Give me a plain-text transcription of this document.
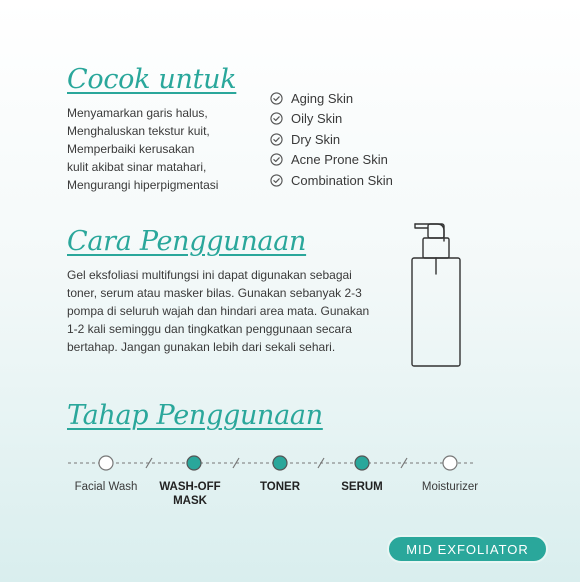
Cocok untuk
Menyamarkan garis halus,
Menghaluskan tekstur kuit,
Memperbaiki kerusakan
kulit akibat sinar matahari,
Mengurangi hiperpigmentasi
Aging Skin
Oily Skin
Dry Skin
Acne Prone Skin
Combination Skin
Cara Penggunaan
Gel eksfoliasi multifungsi ini dapat digunakan sebagai
toner, serum atau masker bilas. Gunakan sebanyak 2-3
pompa di seluruh wajah dan hindari area mata. Gunakan
1-2 kali seminggu dan tingkatkan penggunaan secara
bertahap. Jangan gunakan lebih dari sekali sehari.
Tahap Penggunaan
Facial Wash	WASH-OFF MASK
TONER	SERUM	Moisturizer
MID EXFOLIATOR
